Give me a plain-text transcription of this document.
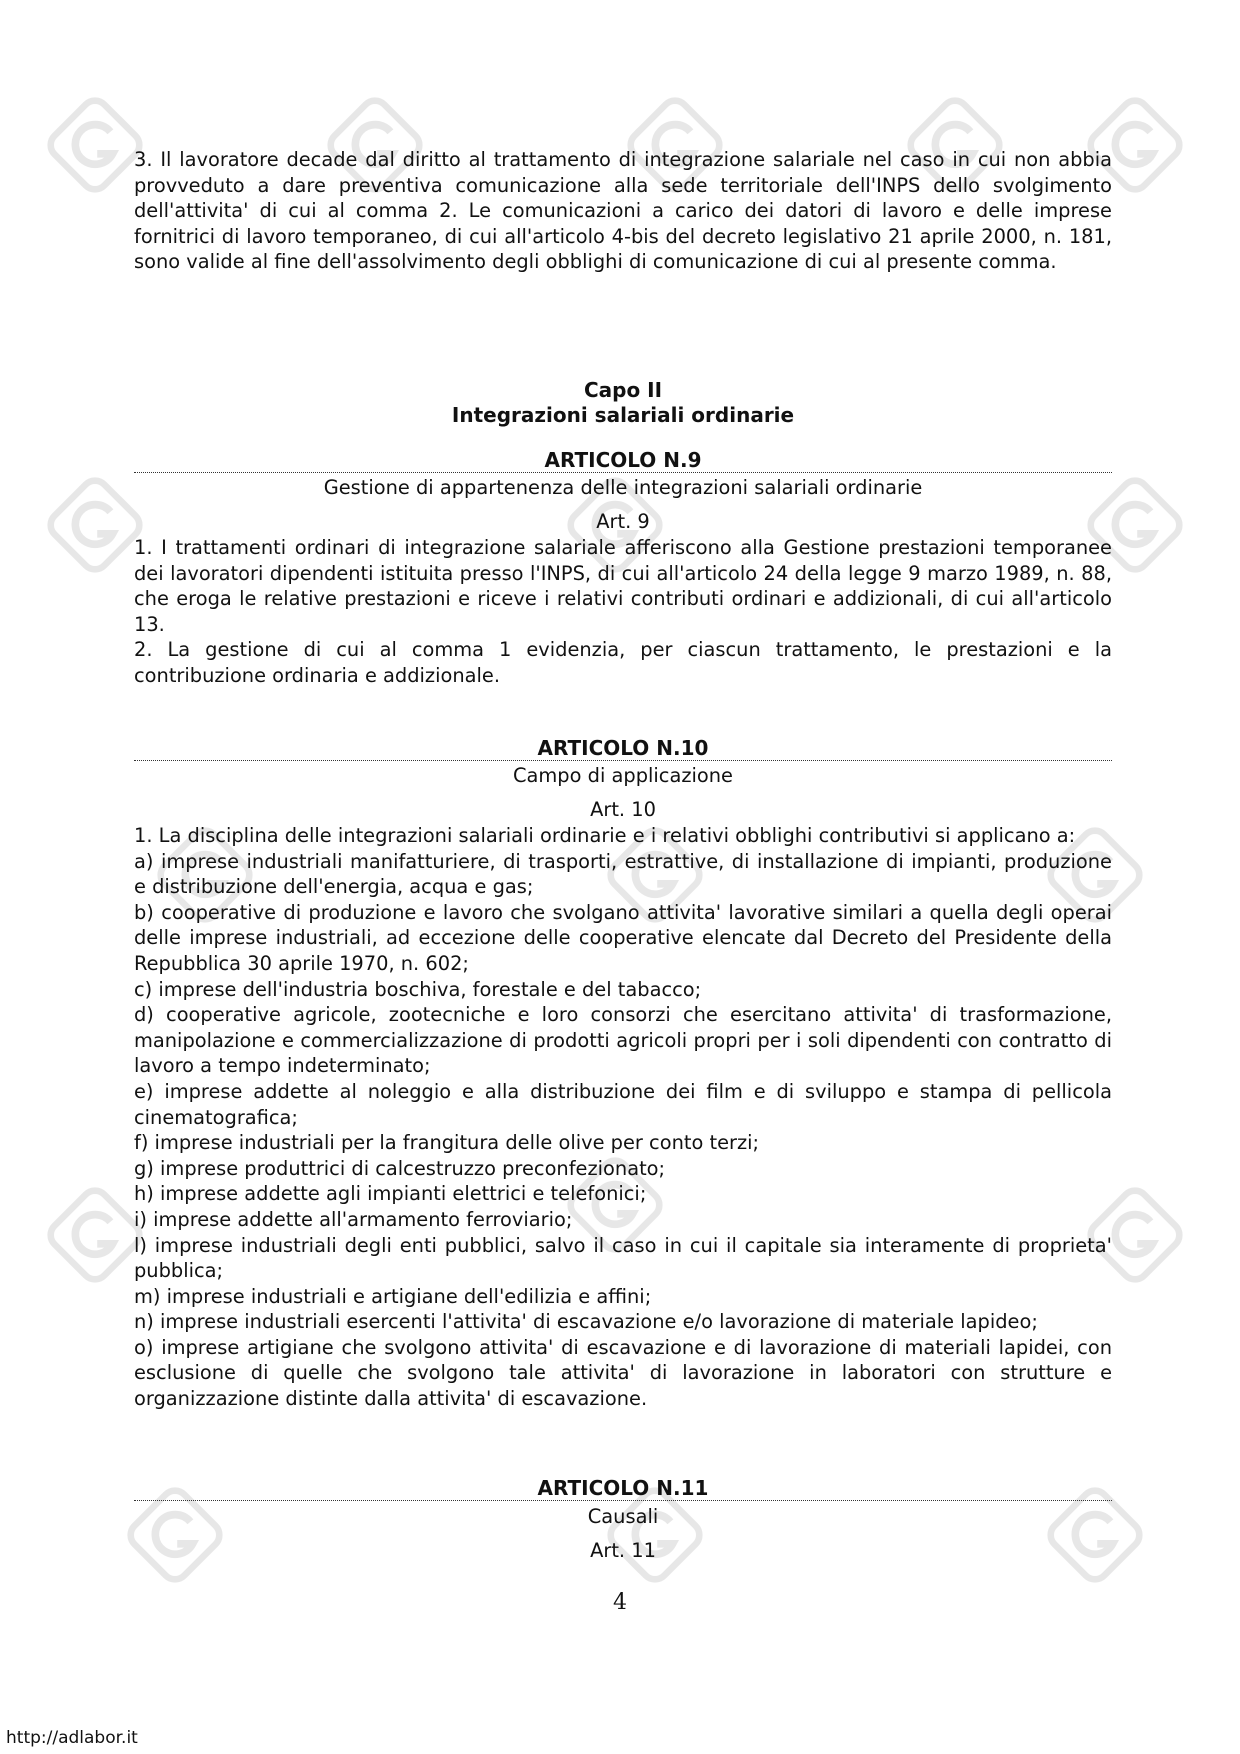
3. Il lavoratore decade dal diritto al trattamento di integrazione salariale nel caso in cui non abbia provveduto a dare preventiva comunicazione alla sede territoriale dell'INPS dello svolgimento dell'attivita' di cui al comma 2. Le comunicazioni a carico dei datori di lavoro e delle imprese fornitrici di lavoro temporaneo, di cui all'articolo 4-bis del decreto legislativo 21 aprile 2000, n. 181, sono valide al fine dell'assolvimento degli obblighi di comunicazione di cui al presente comma.

Capo II
Integrazioni salariali ordinarie
ARTICOLO N.9
Gestione di appartenenza delle integrazioni salariali ordinarie
Art. 9

1. I trattamenti ordinari di integrazione salariale afferiscono alla Gestione prestazioni temporanee dei lavoratori dipendenti istituita presso l'INPS, di cui all'articolo 24 della legge 9 marzo 1989, n. 88, che eroga le relative prestazioni e riceve i relativi contributi ordinari e addizionali, di cui all'articolo 13.

2. La gestione di cui al comma 1 evidenzia, per ciascun trattamento, le prestazioni e la contribuzione ordinaria e addizionale.

ARTICOLO N.10
Campo di applicazione
Art. 10

1. La disciplina delle integrazioni salariali ordinarie e i relativi obblighi contributivi si applicano a:

a) imprese industriali manifatturiere, di trasporti, estrattive, di installazione di impianti, produzione e distribuzione dell'energia, acqua e gas;

b) cooperative di produzione e lavoro che svolgano attivita' lavorative similari a quella degli operai delle imprese industriali, ad eccezione delle cooperative elencate dal Decreto del Presidente della Repubblica 30 aprile 1970, n. 602;

c) imprese dell'industria boschiva, forestale e del tabacco;

d) cooperative agricole, zootecniche e loro consorzi che esercitano attivita' di trasformazione, manipolazione e commercializzazione di prodotti agricoli propri per i soli dipendenti con contratto di lavoro a tempo indeterminato;

e) imprese addette al noleggio e alla distribuzione dei film e di sviluppo e stampa di pellicola cinematografica;

f) imprese industriali per la frangitura delle olive per conto terzi;

g) imprese produttrici di calcestruzzo preconfezionato;

h) imprese addette agli impianti elettrici e telefonici;

i) imprese addette all'armamento ferroviario;

l) imprese industriali degli enti pubblici, salvo il caso in cui il capitale sia interamente di proprieta' pubblica;

m) imprese industriali e artigiane dell'edilizia e affini;

n) imprese industriali esercenti l'attivita' di escavazione e/o lavorazione di materiale lapideo;

o) imprese artigiane che svolgono attivita' di escavazione e di lavorazione di materiali lapidei, con esclusione di quelle che svolgono tale attivita' di lavorazione in laboratori con strutture e organizzazione distinte dalla attivita' di escavazione.

ARTICOLO N.11
Causali
Art. 11
4
http://adlabor.it
